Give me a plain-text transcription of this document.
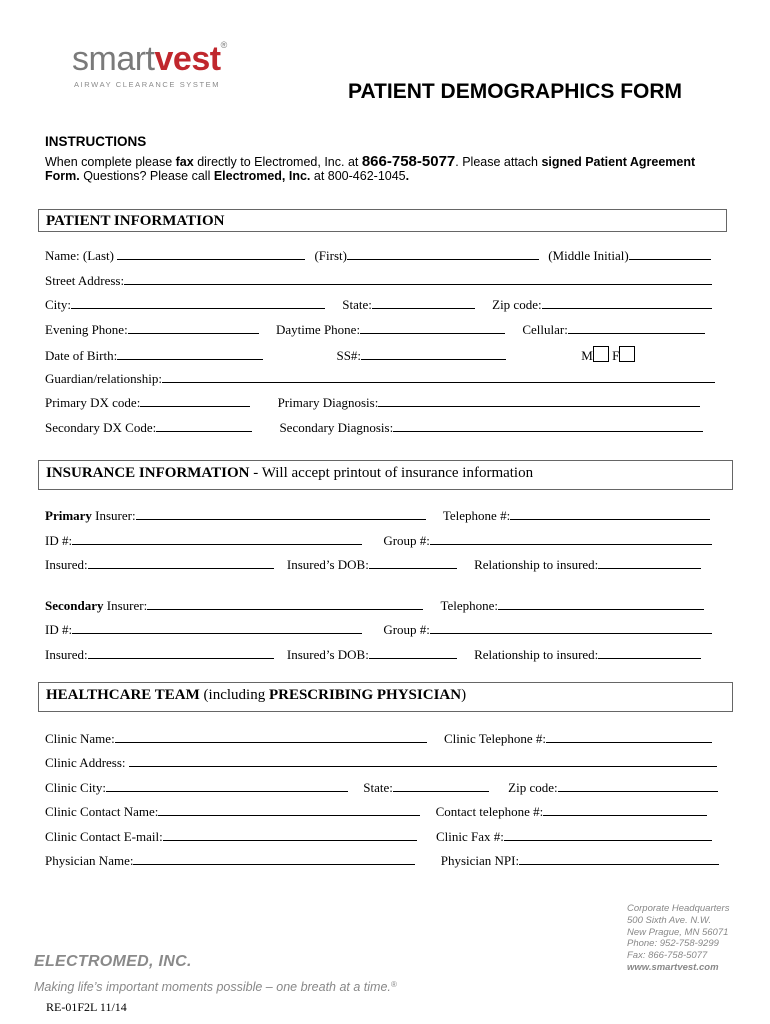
smartvest®
AIRWAY CLEARANCE SYSTEM	PATIENT DEMOGRAPHICS FORM
INSTRUCTIONS
When complete please fax directly to Electromed, Inc. at 866-758-5077. Please attach signed Patient Agreement
Form. Questions? Please call Electromed, Inc. at 800-462-1045.
PATIENT INFORMATION
Name: (Last)	(First)	(Middle Initial)
Street Address:
City:	State:	Zip code:
Evening Phone:	Daytime Phone:	Cellular:
Date of Birth:	SS#:	M F
Guardian/relationship:
Primary DX code:	Primary Diagnosis:
Secondary DX Code:	Secondary Diagnosis:
INSURANCE INFORMATION - Will accept printout of insurance information
Primary Insurer:	Telephone #:
ID #:	Group #:
Insured:	Insured’s DOB:	Relationship to insured:
Secondary Insurer:	Telephone:
ID #:	Group #:
Insured:	Insured’s DOB:	Relationship to insured:
HEALTHCARE TEAM (including PRESCRIBING PHYSICIAN)
Clinic Name:	Clinic Telephone #:
Clinic Address:
Clinic City:	State:	Zip code:
Clinic Contact Name:	Contact telephone #:
Clinic Contact E-mail:	Clinic Fax #:
Physician Name:	Physician NPI:
ELECTROMED, INC.
Making life’s important moments possible – one breath at a time.®
RE-01F2L 11/14
Corporate Headquarters
500 Sixth Ave. N.W.
New Prague, MN 56071
Phone: 952-758-9299
Fax: 866-758-5077
www.smartvest.com
